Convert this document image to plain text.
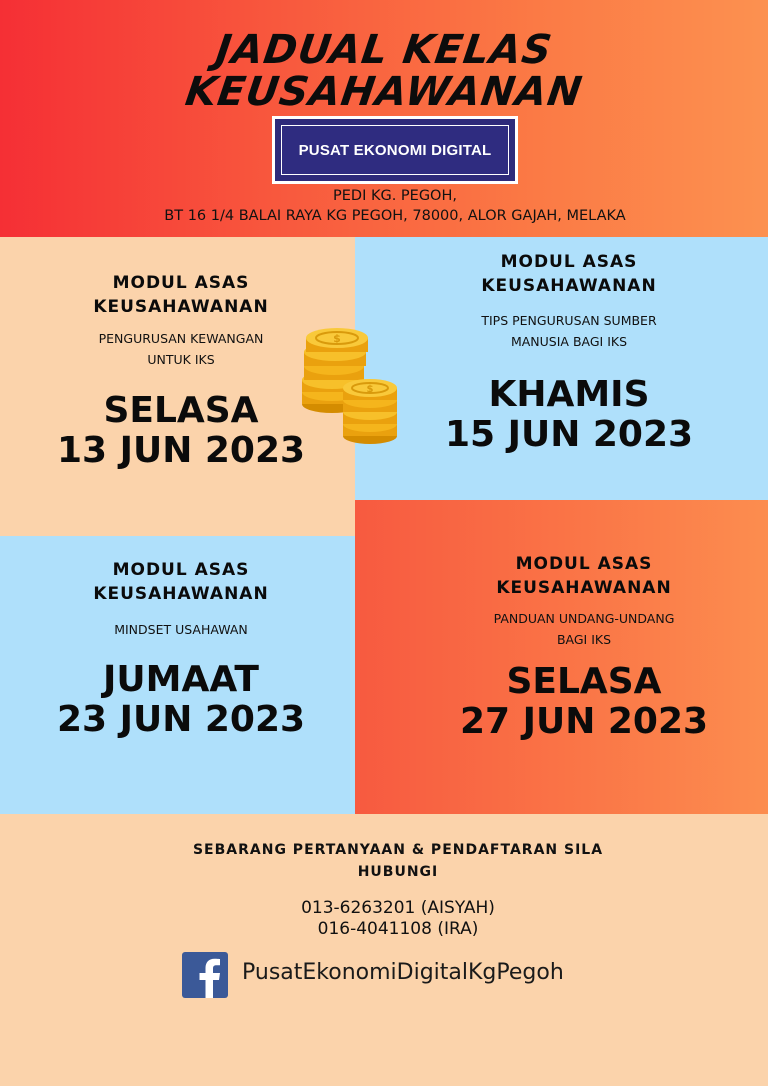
JADUAL KELAS
KEUSAHAWANAN
PUSAT EKONOMI DIGITAL
PEDI KG. PEGOH,
BT 16 1/4 BALAI RAYA KG PEGOH, 78000, ALOR GAJAH, MELAKA
MODUL ASAS
KEUSAHAWANAN
PENGURUSAN KEWANGAN
UNTUK IKS
SELASA
13 JUN 2023
MODUL ASAS
KEUSAHAWANAN
TIPS PENGURUSAN SUMBER
MANUSIA BAGI IKS
KHAMIS
15 JUN 2023
MODUL ASAS
KEUSAHAWANAN
MINDSET USAHAWAN
JUMAAT
23 JUN 2023
MODUL ASAS
KEUSAHAWANAN
PANDUAN UNDANG-UNDANG
BAGI IKS
SELASA
27 JUN 2023
$
$
SEBARANG PERTANYAAN & PENDAFTARAN SILA
HUBUNGI
013-6263201 (AISYAH)
016-4041108 (IRA)
PusatEkonomiDigitalKgPegoh
